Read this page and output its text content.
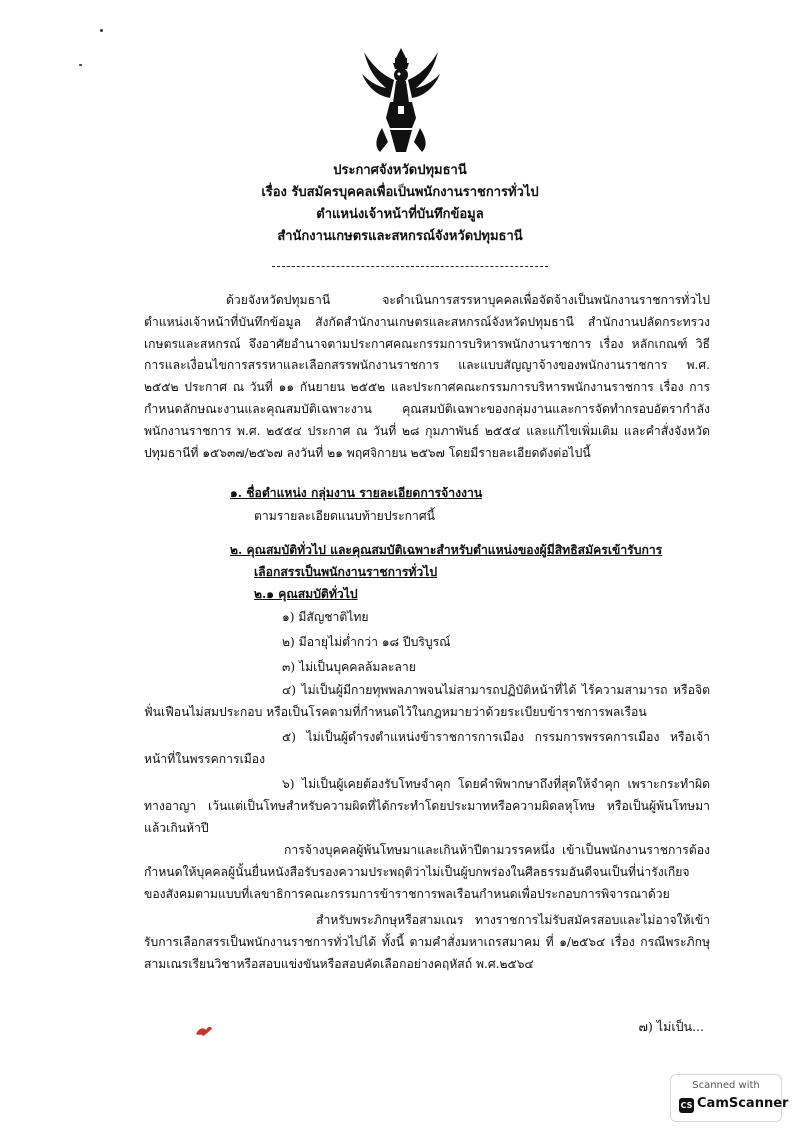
ประกาศจังหวัดปทุมธานี
เรื่อง รับสมัครบุคคลเพื่อเป็นพนักงานราชการทั่วไป
ตำแหน่งเจ้าหน้าที่บันทึกข้อมูล
สำนักงานเกษตรและสหกรณ์จังหวัดปทุมธานี
ด้วยจังหวัดปทุมธานี จะดำเนินการสรรหาบุคคลเพื่อจัดจ้างเป็นพนักงานราชการทั่วไป ตำแหน่งเจ้าหน้าที่บันทึกข้อมูล สังกัดสำนักงานเกษตรและสหกรณ์จังหวัดปทุมธานี สำนักงานปลัดกระทรวงเกษตรและสหกรณ์ จึงอาศัยอำนาจตามประกาศคณะกรรมการบริหารพนักงานราชการ เรื่อง หลักเกณฑ์ วิธีการและเงื่อนไขการสรรหาและเลือกสรรพนักงานราชการ และแบบสัญญาจ้างของพนักงานราชการ พ.ศ. ๒๕๕๒ ประกาศ ณ วันที่ ๑๑ กันยายน ๒๕๕๒ และประกาศคณะกรรมการบริหารพนักงานราชการ เรื่อง การกำหนดลักษณะงานและคุณสมบัติเฉพาะงาน คุณสมบัติเฉพาะของกลุ่มงานและการจัดทำกรอบอัตรากำลังพนักงานราชการ พ.ศ. ๒๕๕๔ ประกาศ ณ วันที่ ๒๘ กุมภาพันธ์ ๒๕๕๔ และแก้ไขเพิ่มเติม และคำสั่งจังหวัดปทุมธานีที่ ๑๕๖๓๗/๒๕๖๗ ลงวันที่ ๒๑ พฤศจิกายน ๒๕๖๗ โดยมีรายละเอียดดังต่อไปนี้
๑. ชื่อตำแหน่ง กลุ่มงาน รายละเอียดการจ้างงาน
ตามรายละเอียดแนบท้ายประกาศนี้
๒. คุณสมบัติทั่วไป และคุณสมบัติเฉพาะสำหรับตำแหน่งของผู้มีสิทธิสมัครเข้ารับการ
เลือกสรรเป็นพนักงานราชการทั่วไป
๒.๑ คุณสมบัติทั่วไป
๑) มีสัญชาติไทย
๒) มีอายุไม่ต่ำกว่า ๑๘ ปีบริบูรณ์
๓) ไม่เป็นบุคคลล้มละลาย
๔) ไม่เป็นผู้มีกายทุพพลภาพจนไม่สามารถปฏิบัติหน้าที่ได้ ไร้ความสามารถ หรือจิตฟั่นเฟือนไม่สมประกอบ หรือเป็นโรคตามที่กำหนดไว้ในกฎหมายว่าด้วยระเบียบข้าราชการพลเรือน
๕) ไม่เป็นผู้ดำรงตำแหน่งข้าราชการการเมือง กรรมการพรรคการเมือง หรือเจ้าหน้าที่ในพรรคการเมือง
๖) ไม่เป็นผู้เคยต้องรับโทษจำคุก โดยคำพิพากษาถึงที่สุดให้จำคุก เพราะกระทำผิดทางอาญา เว้นแต่เป็นโทษสำหรับความผิดที่ได้กระทำโดยประมาทหรือความผิดลหุโทษ หรือเป็นผู้พ้นโทษมาแล้วเกินห้าปี
การจ้างบุคคลผู้พ้นโทษมาและเกินห้าปีตามวรรคหนึ่ง เข้าเป็นพนักงานราชการต้องกำหนดให้บุคคลผู้นั้นยื่นหนังสือรับรองความประพฤติว่าไม่เป็นผู้บกพร่องในศีลธรรมอันดีจนเป็นที่น่ารังเกียจของสังคมตามแบบที่เลขาธิการคณะกรรมการข้าราชการพลเรือนกำหนดเพื่อประกอบการพิจารณาด้วย
สำหรับพระภิกษุหรือสามเณร ทางราชการไม่รับสมัครสอบและไม่อาจให้เข้ารับการเลือกสรรเป็นพนักงานราชการทั่วไปได้ ทั้งนี้ ตามคำสั่งมหาเถรสมาคม ที่ ๑/๒๕๖๔ เรื่อง กรณีพระภิกษุสามเณรเรียนวิชาหรือสอบแข่งขันหรือสอบคัดเลือกอย่างคฤหัสถ์ พ.ศ.๒๕๖๔
๗) ไม่เป็น...
Scanned with
CS CamScanner
